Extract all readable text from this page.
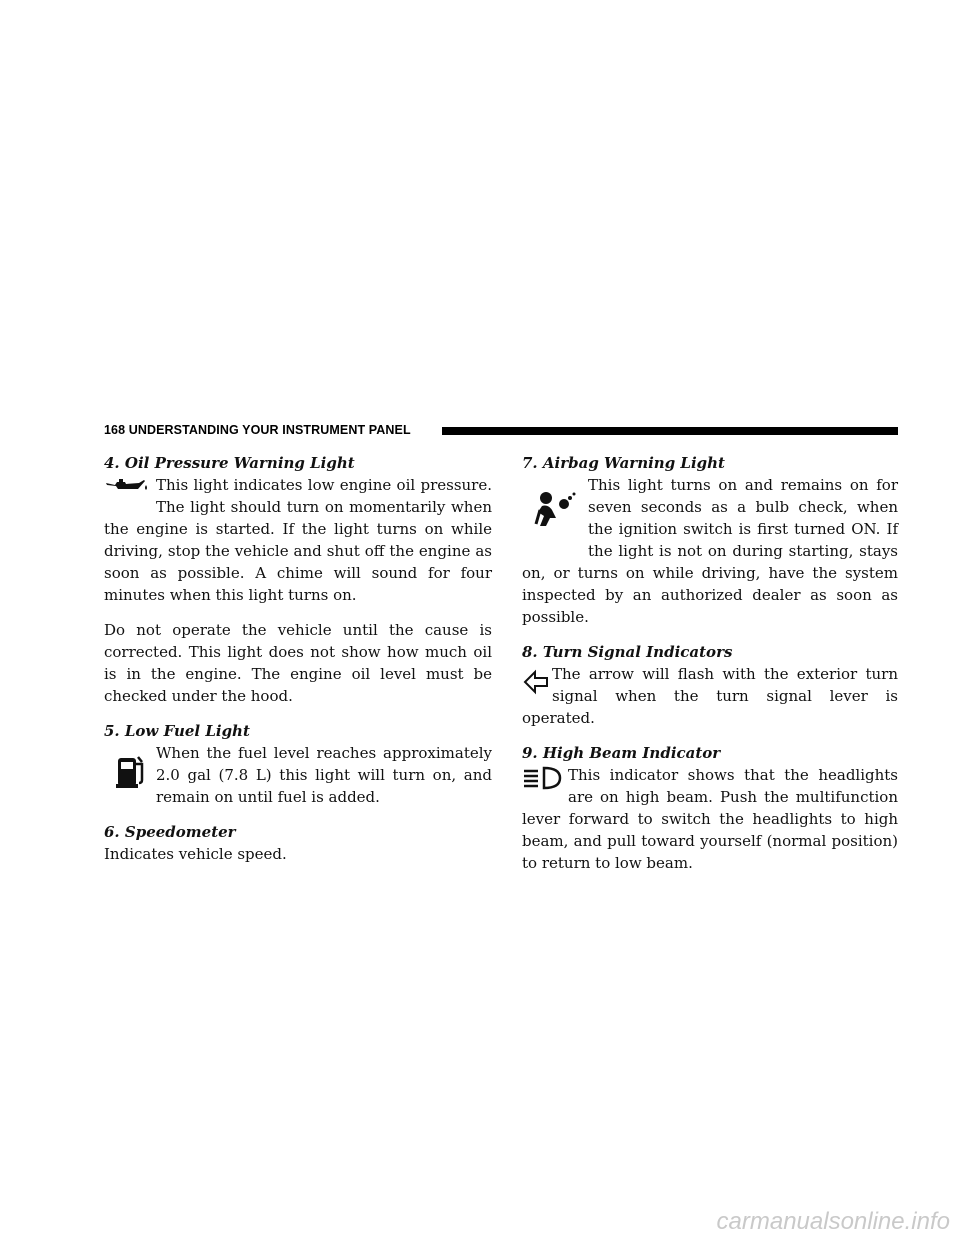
168 UNDERSTANDING YOUR INSTRUMENT PANEL

4. Oil Pressure Warning Light

This light indicates low engine oil pressure. The light should turn on momentarily when the engine is started. If the light turns on while driving, stop the vehicle and shut off the engine as soon as possible. A chime will sound for four minutes when this light turns on.

Do not operate the vehicle until the cause is corrected. This light does not show how much oil is in the engine. The engine oil level must be checked under the hood.

5. Low Fuel Light

When the fuel level reaches approximately 2.0 gal (7.8 L) this light will turn on, and remain on until fuel is added.

6. Speedometer

Indicates vehicle speed.

7. Airbag Warning Light

This light turns on and remains on for seven seconds as a bulb check, when the ignition switch is first turned ON. If the light is not on during starting, stays on, or turns on while driving, have the system inspected by an authorized dealer as soon as possible.

8. Turn Signal Indicators

The arrow will flash with the exterior turn signal when the turn signal lever is operated.

9. High Beam Indicator

This indicator shows that the headlights are on high beam. Push the multifunction lever forward to switch the headlights to high beam, and pull toward yourself (normal position) to return to low beam.

carmanualsonline.info
